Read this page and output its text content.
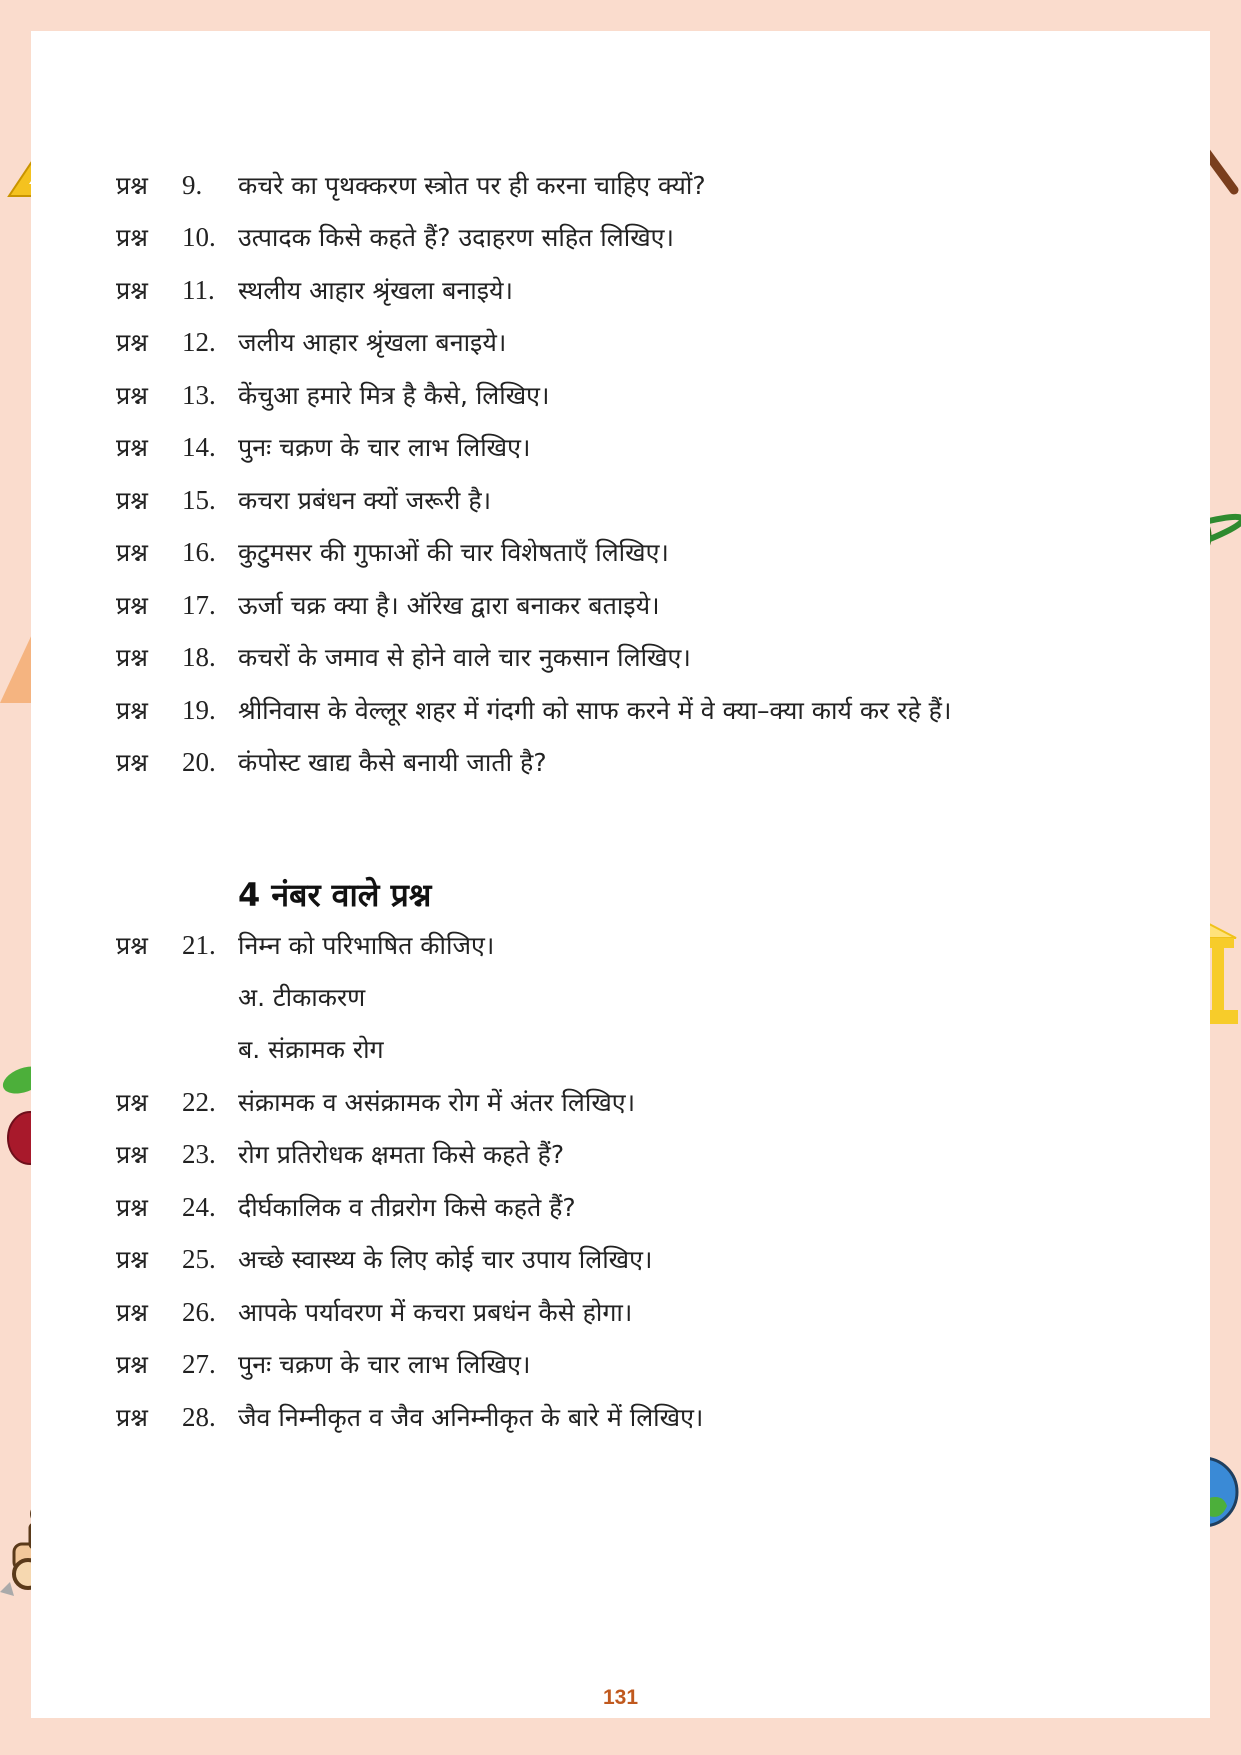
प्रश्न 9. कचरे का पृथक्करण स्त्रोत पर ही करना चाहिए क्यों?
प्रश्न 10. उत्पादक किसे कहते हैं? उदाहरण सहित लिखिए।
प्रश्न 11. स्थलीय आहार श्रृंखला बनाइये।
प्रश्न 12. जलीय आहार श्रृंखला बनाइये।
प्रश्न 13. केंचुआ हमारे मित्र है कैसे, लिखिए।
प्रश्न 14. पुनः चक्रण के चार लाभ लिखिए।
प्रश्न 15. कचरा प्रबंधन क्यों जरूरी है।
प्रश्न 16. कुटुमसर की गुफाओं की चार विशेषताएँ लिखिए।
प्रश्न 17. ऊर्जा चक्र क्या है। ऑरेख द्वारा बनाकर बताइये।
प्रश्न 18. कचरों के जमाव से होने वाले चार नुकसान लिखिए।
प्रश्न 19. श्रीनिवास के वेल्लूर शहर में गंदगी को साफ करने में वे क्या–क्या कार्य कर रहे हैं।
प्रश्न 20. कंपोस्ट खाद्य कैसे बनायी जाती है?
4 नंबर वाले प्रश्न
प्रश्न 21. निम्न को परिभाषित कीजिए।
अ. टीकाकरण
ब. संक्रामक रोग
प्रश्न 22. संक्रामक व असंक्रामक रोग में अंतर लिखिए।
प्रश्न 23. रोग प्रतिरोधक क्षमता किसे कहते हैं?
प्रश्न 24. दीर्घकालिक व तीव्ररोग किसे कहते हैं?
प्रश्न 25. अच्छे स्वास्थ्य के लिए कोई चार उपाय लिखिए।
प्रश्न 26. आपके पर्यावरण में कचरा प्रबधंन कैसे होगा।
प्रश्न 27. पुनः चक्रण के चार लाभ लिखिए।
प्रश्न 28. जैव निम्नीकृत व जैव अनिम्नीकृत के बारे में लिखिए।
131
